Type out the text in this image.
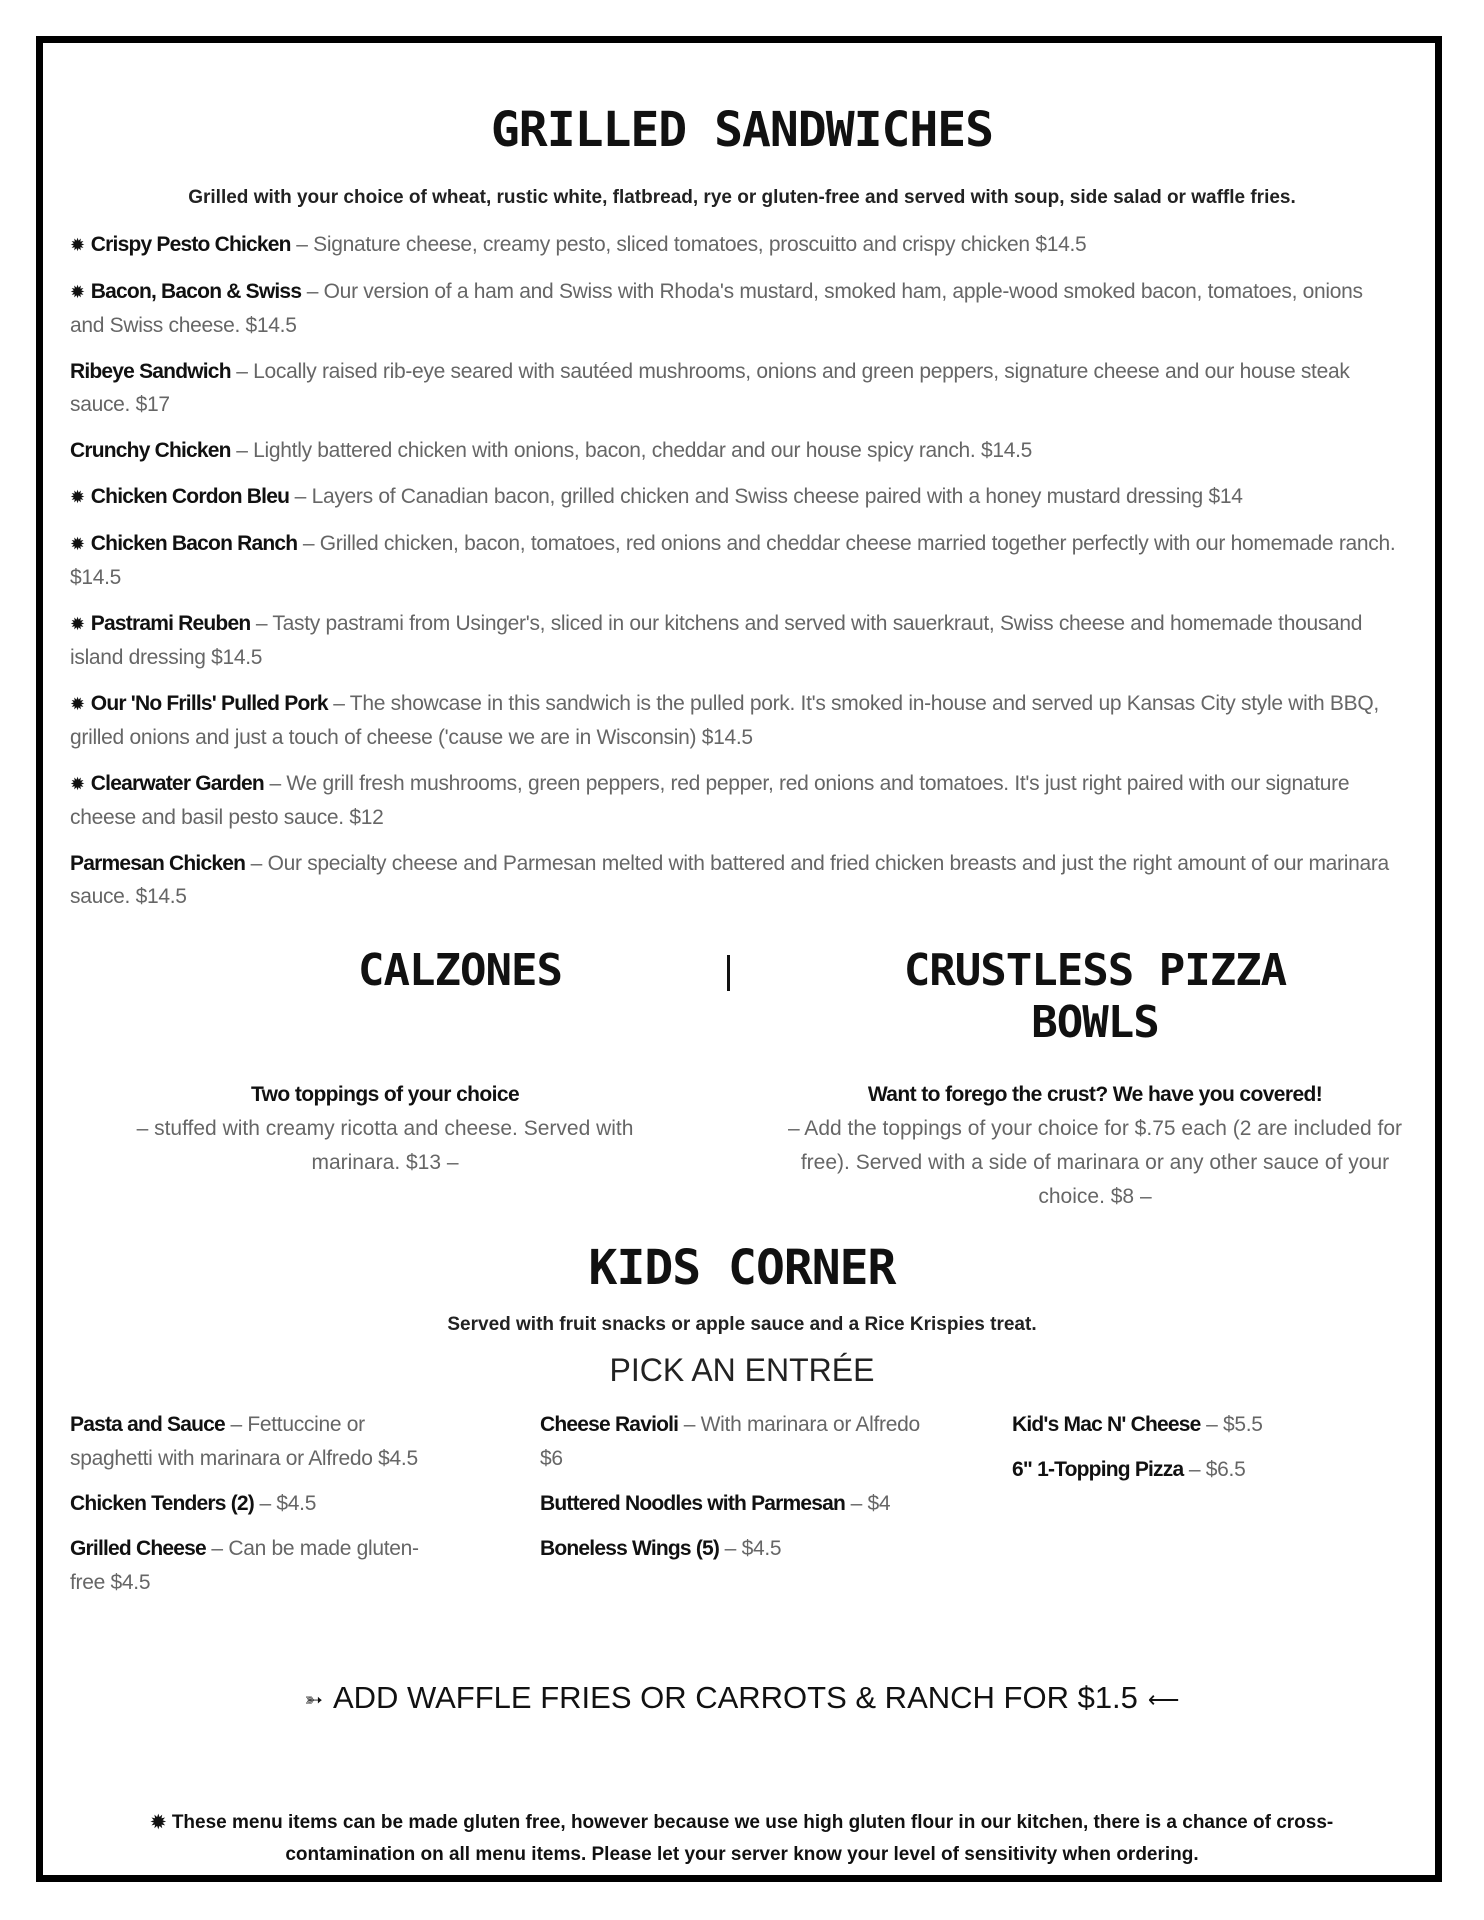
GRILLED SANDWICHES
Grilled with your choice of wheat, rustic white, flatbread, rye or gluten-free and served with soup, side salad or waffle fries.
✹ Crispy Pesto Chicken – Signature cheese, creamy pesto, sliced tomatoes, proscuitto and crispy chicken $14.5
✹ Bacon, Bacon & Swiss – Our version of a ham and Swiss with Rhoda's mustard, smoked ham, apple-wood smoked bacon, tomatoes, onions and Swiss cheese. $14.5
Ribeye Sandwich – Locally raised rib-eye seared with sautéed mushrooms, onions and green peppers, signature cheese and our house steak sauce. $17
Crunchy Chicken – Lightly battered chicken with onions, bacon, cheddar and our house spicy ranch. $14.5
✹ Chicken Cordon Bleu – Layers of Canadian bacon, grilled chicken and Swiss cheese paired with a honey mustard dressing $14
✹ Chicken Bacon Ranch – Grilled chicken, bacon, tomatoes, red onions and cheddar cheese married together perfectly with our homemade ranch. $14.5
✹ Pastrami Reuben – Tasty pastrami from Usinger's, sliced in our kitchens and served with sauerkraut, Swiss cheese and homemade thousand island dressing $14.5
✹ Our 'No Frills' Pulled Pork – The showcase in this sandwich is the pulled pork. It's smoked in-house and served up Kansas City style with BBQ, grilled onions and just a touch of cheese ('cause we are in Wisconsin) $14.5
✹ Clearwater Garden – We grill fresh mushrooms, green peppers, red pepper, red onions and tomatoes. It's just right paired with our signature cheese and basil pesto sauce. $12
Parmesan Chicken – Our specialty cheese and Parmesan melted with battered and fried chicken breasts and just the right amount of our marinara sauce. $14.5
CALZONES	CRUSTLESS PIZZA
BOWLS
Two toppings of your choice
– stuffed with creamy ricotta and cheese. Served with marinara. $13 –
Want to forego the crust? We have you covered!
– Add the toppings of your choice for $.75 each (2 are included for free). Served with a side of marinara or any other sauce of your choice. $8 –
KIDS CORNER
Served with fruit snacks or apple sauce and a Rice Krispies treat.
PICK AN ENTRÉE
Pasta and Sauce – Fettuccine or spaghetti with marinara or Alfredo $4.5
Chicken Tenders (2) – $4.5
Grilled Cheese – Can be made gluten-free $4.5
Cheese Ravioli – With marinara or Alfredo $6
Buttered Noodles with Parmesan – $4
Boneless Wings (5) – $4.5
Kid's Mac N' Cheese – $5.5
6" 1-Topping Pizza – $6.5
➳ ADD WAFFLE FRIES OR CARROTS & RANCH FOR $1.5 ⟵
✹ These menu items can be made gluten free, however because we use high gluten flour in our kitchen, there is a chance of cross-contamination on all menu items. Please let your server know your level of sensitivity when ordering.
